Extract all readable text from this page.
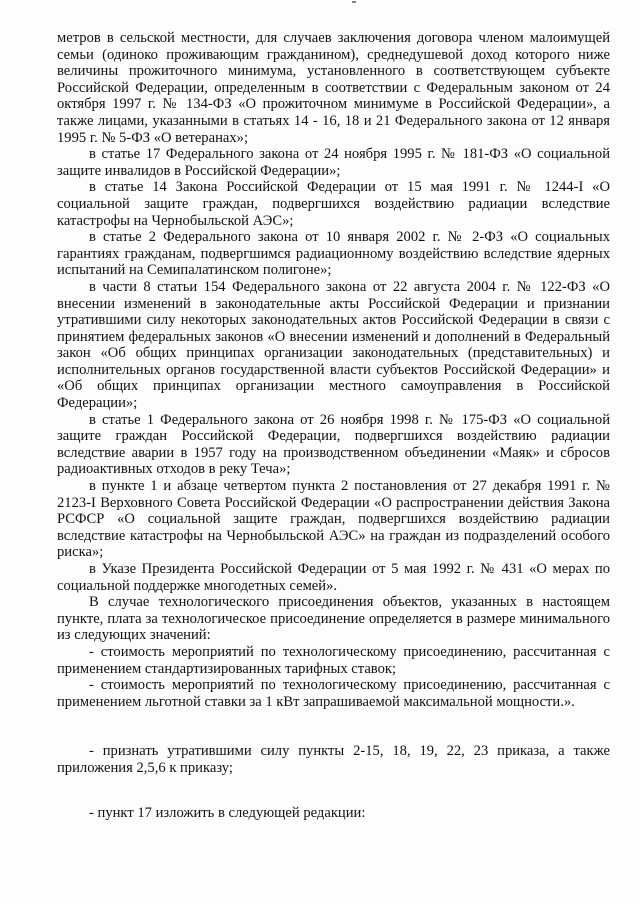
метров в сельской местности, для случаев заключения договора членом малоимущей семьи (одиноко проживающим гражданином), среднедушевой доход которого ниже величины прожиточного минимума, установленного в соответствующем субъекте Российской Федерации, определенным в соответствии с Федеральным законом от 24 октября 1997 г. № 134-ФЗ «О прожиточном минимуме в Российской Федерации», а также лицами, указанными в статьях 14 - 16, 18 и 21 Федерального закона от 12 января 1995 г. № 5-ФЗ «О ветеранах»;

в статье 17 Федерального закона от 24 ноября 1995 г. № 181-ФЗ «О социальной защите инвалидов в Российской Федерации»;

в статье 14 Закона Российской Федерации от 15 мая 1991 г. № 1244-I «О социальной защите граждан, подвергшихся воздействию радиации вследствие катастрофы на Чернобыльской АЭС»;

в статье 2 Федерального закона от 10 января 2002 г. № 2-ФЗ «О социальных гарантиях гражданам, подвергшимся радиационному воздействию вследствие ядерных испытаний на Семипалатинском полигоне»;

в части 8 статьи 154 Федерального закона от 22 августа 2004 г. № 122-ФЗ «О внесении изменений в законодательные акты Российской Федерации и признании утратившими силу некоторых законодательных актов Российской Федерации в связи с принятием федеральных законов «О внесении изменений и дополнений в Федеральный закон «Об общих принципах организации законодательных (представительных) и исполнительных органов государственной власти субъектов Российской Федерации» и «Об общих принципах организации местного самоуправления в Российской Федерации»;

в статье 1 Федерального закона от 26 ноября 1998 г. № 175-ФЗ «О социальной защите граждан Российской Федерации, подвергшихся воздействию радиации вследствие аварии в 1957 году на производственном объединении «Маяк» и сбросов радиоактивных отходов в реку Теча»;

в пункте 1 и абзаце четвертом пункта 2 постановления от 27 декабря 1991 г. № 2123-I Верховного Совета Российской Федерации «О распространении действия Закона РСФСР «О социальной защите граждан, подвергшихся воздействию радиации вследствие катастрофы на Чернобыльской АЭС» на граждан из подразделений особого риска»;

в Указе Президента Российской Федерации от 5 мая 1992 г. № 431 «О мерах по социальной поддержке многодетных семей».

В случае технологического присоединения объектов, указанных в настоящем пункте, плата за технологическое присоединение определяется в размере минимального из следующих значений:

- стоимость мероприятий по технологическому присоединению, рассчитанная с применением стандартизированных тарифных ставок;

- стоимость мероприятий по технологическому присоединению, рассчитанная с применением льготной ставки за 1 кВт запрашиваемой максимальной мощности.».

- признать утратившими силу пункты 2-15, 18, 19, 22, 23 приказа, а также приложения 2,5,6 к приказу;

- пункт 17 изложить в следующей редакции:
